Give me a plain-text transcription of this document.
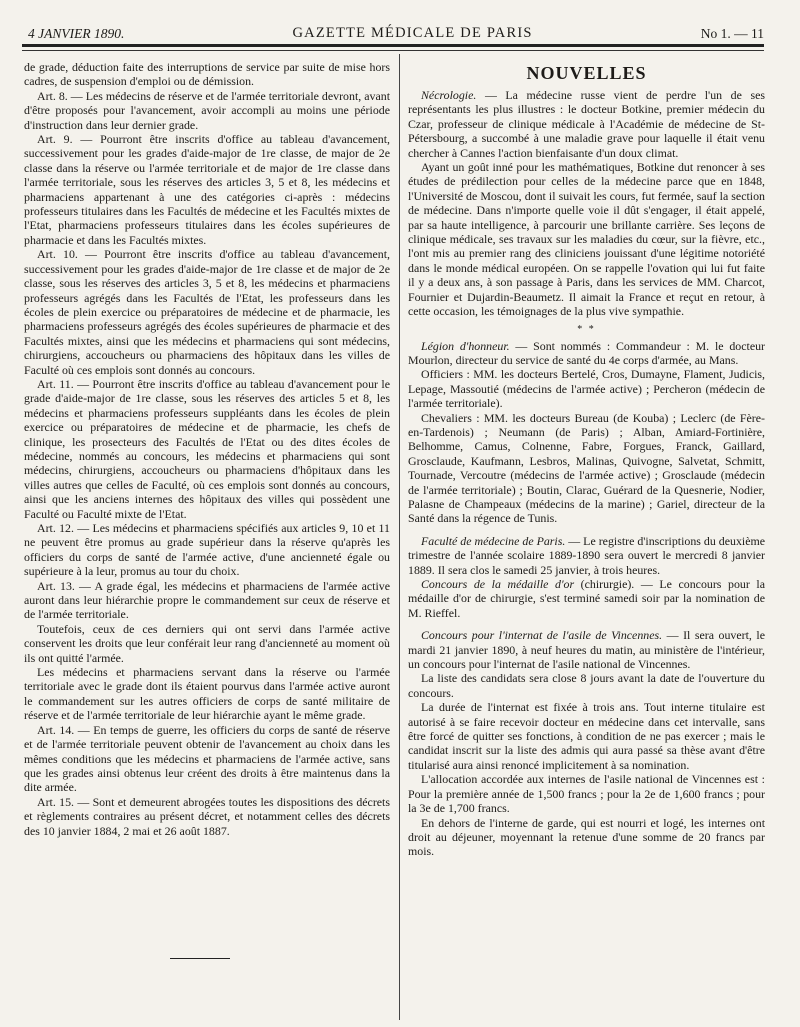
4 JANVIER 1890.	GAZETTE MÉDICALE DE PARIS	No 1. — 11

de grade, déduction faite des interruptions de service par suite de mise hors cadres, de suspension d'emploi ou de démission.

Art. 8. — Les médecins de réserve et de l'armée territoriale devront, avant d'être proposés pour l'avancement, avoir accompli au moins une période d'instruction dans leur dernier grade.

Art. 9. — Pourront être inscrits d'office au tableau d'avancement, successivement pour les grades d'aide-major de 1re classe, de major de 2e classe dans la réserve ou l'armée territoriale et de major de 1re classe dans l'armée territoriale, sous les réserves des articles 3, 5 et 8, les médecins et pharmaciens appartenant à une des catégories ci-après : médecins professeurs titulaires dans les Facultés de médecine et les Facultés mixtes de l'Etat, pharmaciens professeurs titulaires dans les écoles supérieures de pharmacie et dans les Facultés mixtes.

Art. 10. — Pourront être inscrits d'office au tableau d'avancement, successivement pour les grades d'aide-major de 1re classe et de major de 2e classe, sous les réserves des articles 3, 5 et 8, les médecins et pharmaciens professeurs agrégés dans les Facultés de l'Etat, les professeurs dans les écoles de plein exercice ou préparatoires de médecine et de pharmacie, les pharmaciens professeurs agrégés des écoles supérieures de pharmacie et des Facultés mixtes, ainsi que les médecins et pharmaciens qui sont médecins, chirurgiens, accoucheurs ou pharmaciens des hôpitaux dans les villes de Faculté où ces emplois sont donnés au concours.

Art. 11. — Pourront être inscrits d'office au tableau d'avancement pour le grade d'aide-major de 1re classe, sous les réserves des articles 5 et 8, les médecins et pharmaciens professeurs suppléants dans les écoles de plein exercice ou préparatoires de médecine et de pharmacie, les chefs de clinique, les prosecteurs des Facultés de l'Etat ou des dites écoles de médecine, nommés au concours, les médecins et pharmaciens qui sont médecins, chirurgiens, accoucheurs ou pharmaciens d'hôpitaux dans les villes autres que celles de Faculté, où ces emplois sont donnés au concours, ainsi que les anciens internes des hôpitaux des villes qui possèdent une Faculté ou Faculté mixte de l'Etat.

Art. 12. — Les médecins et pharmaciens spécifiés aux articles 9, 10 et 11 ne peuvent être promus au grade supérieur dans la réserve qu'après les officiers du corps de santé de l'armée active, d'une ancienneté égale ou supérieure à la leur, promus au tour du choix.

Art. 13. — A grade égal, les médecins et pharmaciens de l'armée active auront dans leur hiérarchie propre le commandement sur ceux de réserve et de l'armée territoriale.

Toutefois, ceux de ces derniers qui ont servi dans l'armée active conservent les droits que leur conférait leur rang d'ancienneté au moment où ils ont quitté l'armée.

Les médecins et pharmaciens servant dans la réserve ou l'armée territoriale avec le grade dont ils étaient pourvus dans l'armée active auront le commandement sur les autres officiers de corps de santé militaire de réserve et de l'armée territoriale de leur hiérarchie ayant le même grade.

Art. 14. — En temps de guerre, les officiers du corps de santé de réserve et de l'armée territoriale peuvent obtenir de l'avancement au choix dans les mêmes conditions que les médecins et pharmaciens de l'armée active, sans que les grades ainsi obtenus leur créent des droits à être maintenus dans la dite armée.

Art. 15. — Sont et demeurent abrogées toutes les dispositions des décrets et règlements contraires au présent décret, et notamment celles des décrets des 10 janvier 1884, 2 mai et 26 août 1887.

NOUVELLES

Nécrologie. — La médecine russe vient de perdre l'un de ses représentants les plus illustres : le docteur Botkine, premier médecin du Czar, professeur de clinique médicale à l'Académie de médecine de St-Pétersbourg, a succombé à une maladie grave pour laquelle il était venu chercher à Cannes l'action bienfaisante d'un doux climat.

Ayant un goût inné pour les mathématiques, Botkine dut renoncer à ses études de prédilection pour celles de la médecine parce que en 1848, l'Université de Moscou, dont il suivait les cours, fut fermée, sauf la section de médecine. Dans n'importe quelle voie il dût s'engager, il était appelé, par sa haute intelligence, à parcourir une brillante carrière. Ses leçons de clinique médicale, ses travaux sur les maladies du cœur, sur la fièvre, etc., l'ont mis au premier rang des cliniciens jouissant d'une légitime notoriété dans le monde médical européen. On se rappelle l'ovation qui lui fut faite il y a deux ans, à son passage à Paris, dans les services de MM. Charcot, Fournier et Dujardin-Beaumetz. Il aimait la France et reçut en retour, à cette occasion, les témoignages de la plus vive sympathie.

* *

Légion d'honneur. — Sont nommés : Commandeur : M. le docteur Mourlon, directeur du service de santé du 4e corps d'armée, au Mans.

Officiers : MM. les docteurs Bertelé, Cros, Dumayne, Flament, Judicis, Lepage, Massoutié (médecins de l'armée active) ; Percheron (médecin de l'armée territoriale).

Chevaliers : MM. les docteurs Bureau (de Kouba) ; Leclerc (de Fère-en-Tardenois) ; Neumann (de Paris) ; Alban, Amiard-Fortinière, Belhomme, Camus, Colnenne, Fabre, Forgues, Franck, Gaillard, Grosclaude, Kaufmann, Lesbros, Malinas, Quivogne, Salvetat, Schmitt, Tournade, Vercoutre (médecins de l'armée active) ; Grosclaude (médecin de l'armée territoriale) ; Boutin, Clarac, Guérard de la Quesnerie, Nodier, Palasne de Champeaux (médecins de la marine) ; Gariel, directeur de la Santé dans la régence de Tunis.

Faculté de médecine de Paris. — Le registre d'inscriptions du deuxième trimestre de l'année scolaire 1889-1890 sera ouvert le mercredi 8 janvier 1889. Il sera clos le samedi 25 janvier, à trois heures.

Concours de la médaille d'or (chirurgie). — Le concours pour la médaille d'or de chirurgie, s'est terminé samedi soir par la nomination de M. Rieffel.

Concours pour l'internat de l'asile de Vincennes. — Il sera ouvert, le mardi 21 janvier 1890, à neuf heures du matin, au ministère de l'intérieur, un concours pour l'internat de l'asile national de Vincennes.

La liste des candidats sera close 8 jours avant la date de l'ouverture du concours.

La durée de l'internat est fixée à trois ans. Tout interne titulaire est autorisé à se faire recevoir docteur en médecine dans cet intervalle, sans être forcé de quitter ses fonctions, à condition de ne pas exercer ; mais le candidat inscrit sur la liste des admis qui aura passé sa thèse avant d'être titularisé aura ainsi renoncé implicitement à sa nomination.

L'allocation accordée aux internes de l'asile national de Vincennes est : Pour la première année de 1,500 francs ; pour la 2e de 1,600 francs ; pour la 3e de 1,700 francs.

En dehors de l'interne de garde, qui est nourri et logé, les internes ont droit au déjeuner, moyennant la retenue d'une somme de 20 francs par mois.
